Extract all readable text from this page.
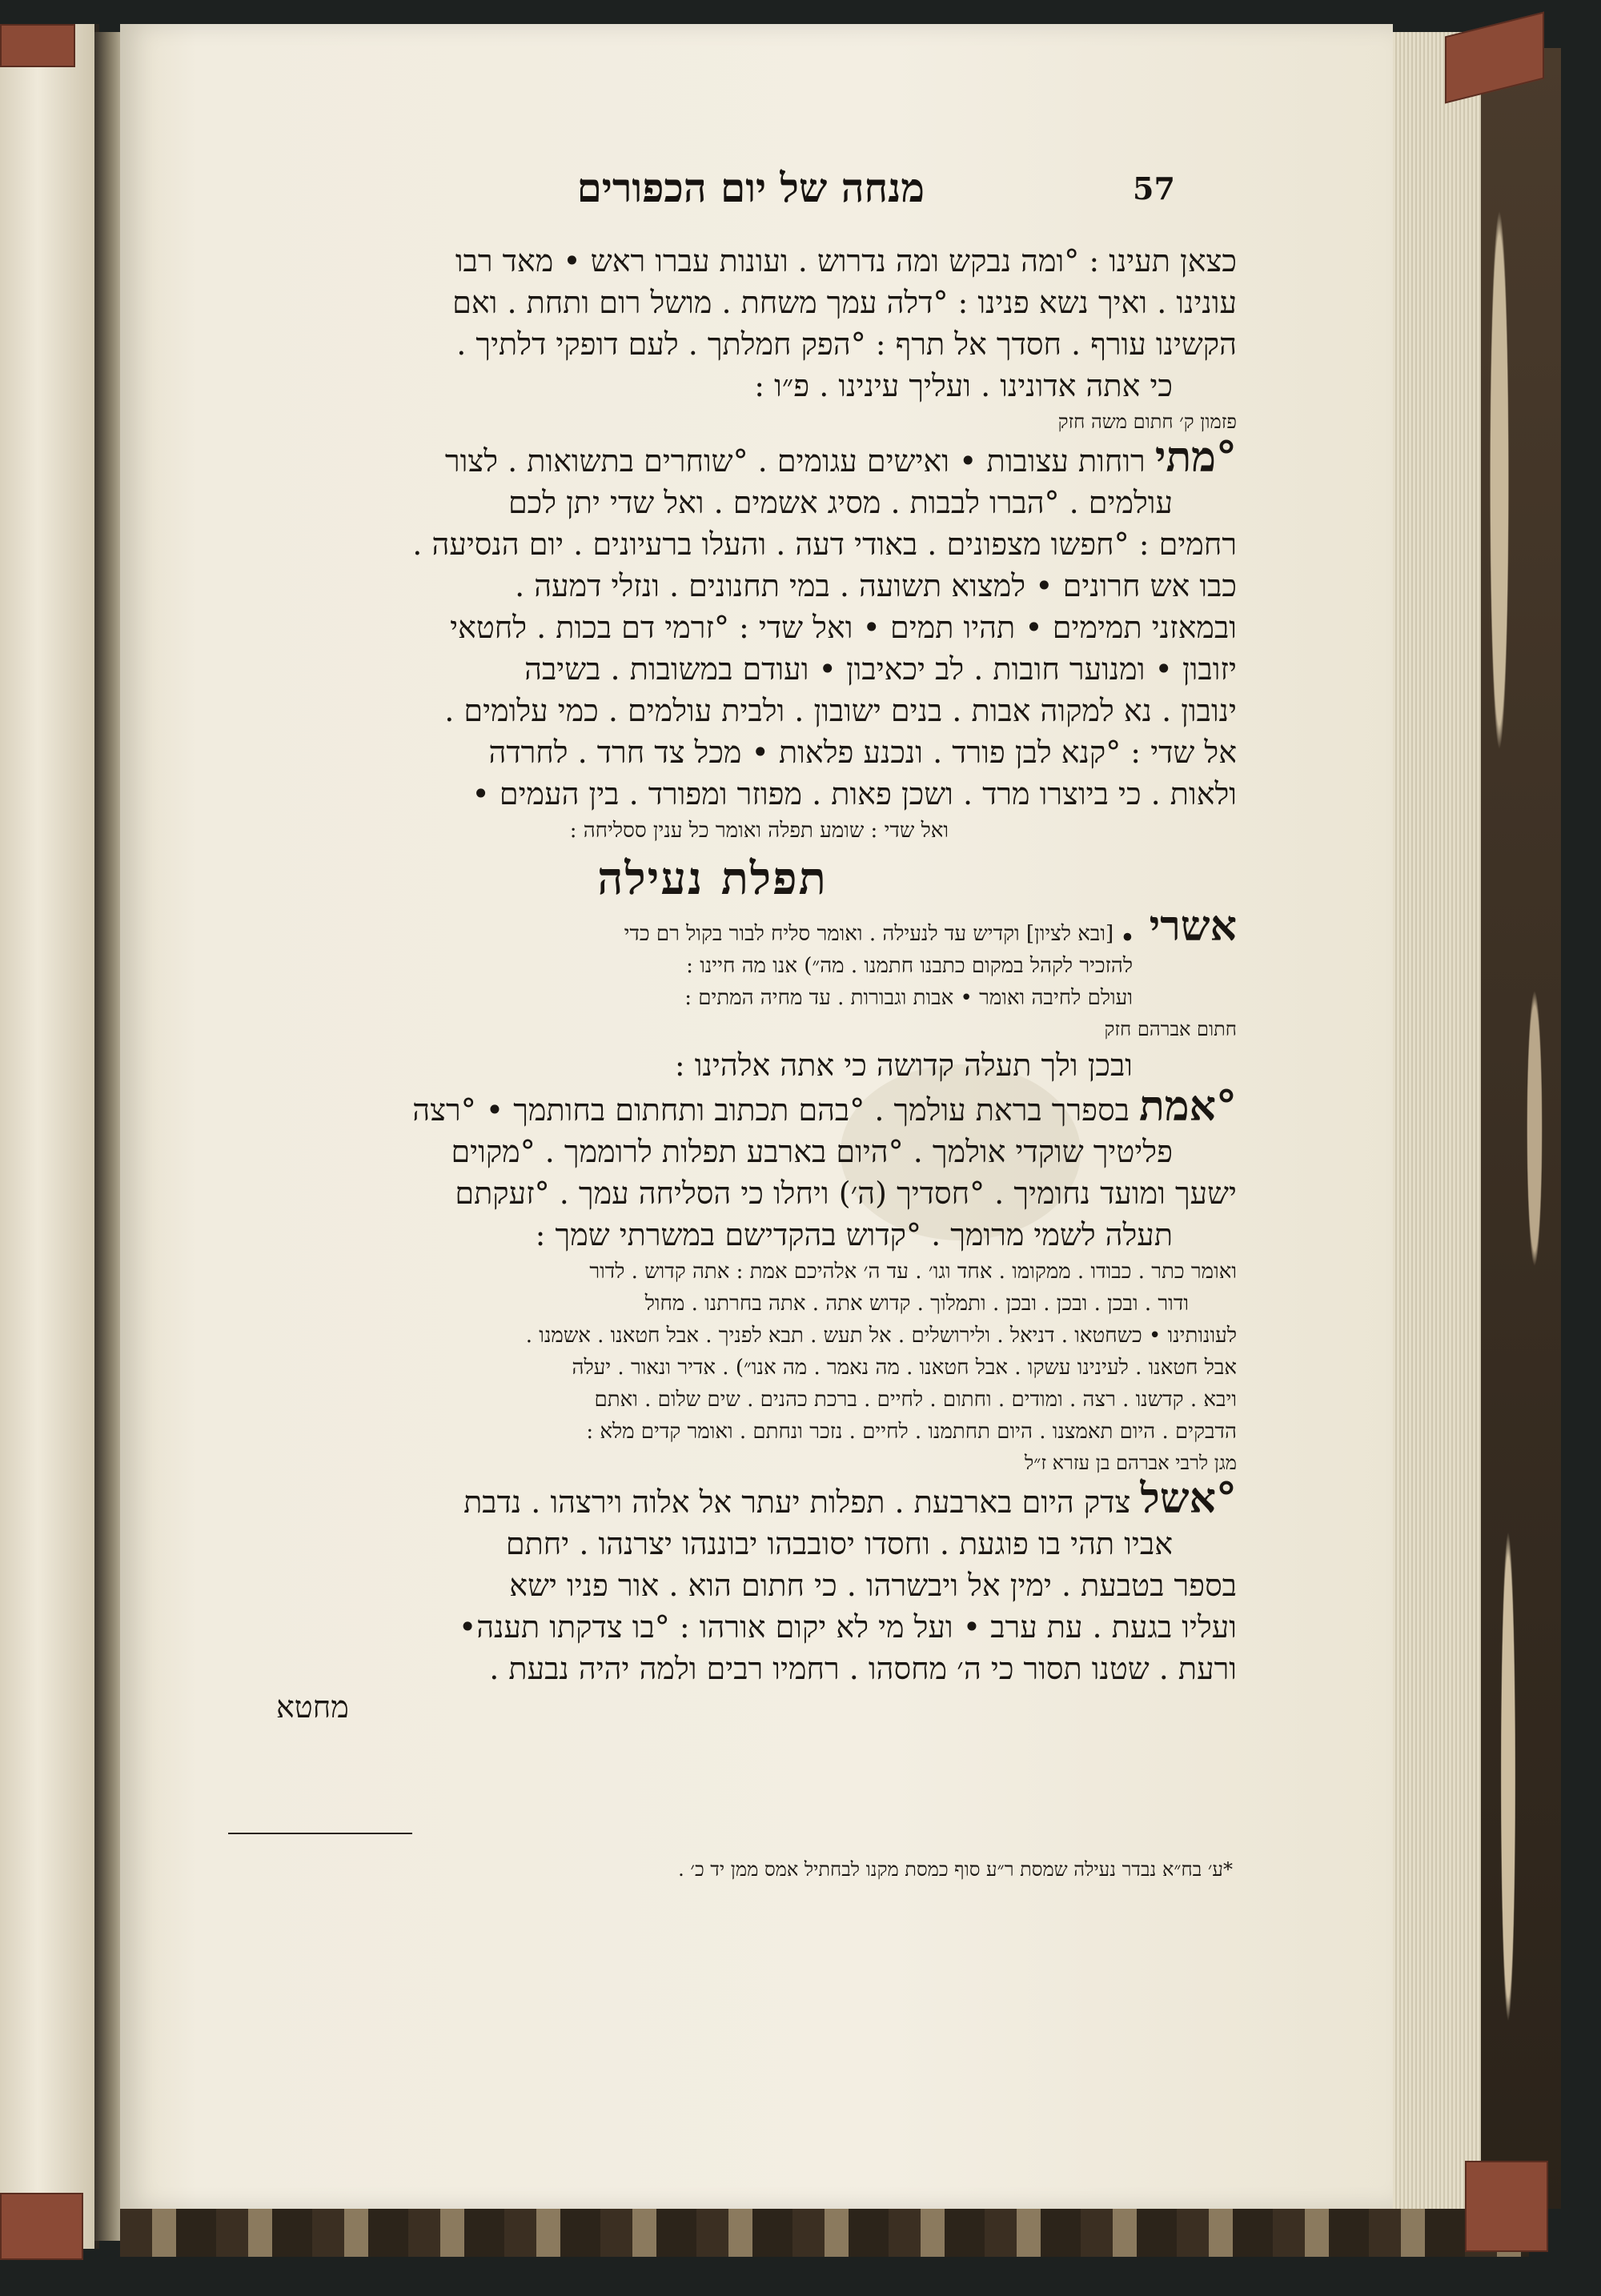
57
מנחה של יום הכפורים
כצאן תעינו : °ומה נבקש ומה נדרוש . ועונות עברו ראש • מאד רבו
עונינו . ואיך נשא פנינו : °דלה עמך משחת . מושל רום ותחת . ואם
הקשינו עורף . חסדך אל תרף : °הפק חמלתך . לעם דופקי דלתיך .
כי אתה אדונינו . ועליך עינינו . פ״ו :
פזמון ק׳ חתום משה חזק
°מתי רוחות עצובות • ואישים עגומים . °שוחרים בתשואות . לצור
עולמים . °הברו לבבות . מסיג אשמים . ואל שדי יתן לכם
רחמים : °חפשו מצפונים . באודי דעה . והעלו ברעיונים . יום הנסיעה .
כבו אש חרונים • למצוא תשועה . במי תחנונים . ונזלי דמעה .
ובמאזני תמימים • תהיו תמים • ואל שדי : °זרמי דם בכות . לחטאי
יזובון • ומנוער חובות . לב יכאיבון • ועודם במשובות . בשיבה
ינובון . נא למקוה אבות . בנים ישובון . ולבית עולמים . כמי עלומים .
אל שדי : °קנא לבן פורד . ונכנע פלאות • מכל צד חרד . לחרדה
ולאות . כי ביוצרו מרד . ושכן פאות . מפוזר ומפורד . בין העמים •
ואל שדי : שומע תפלה ואומר כל ענין ססליחה :
תפלת נעילה
אשרי . [ובא לציון] וקדיש עד לנעילה . ואומר סליח לבור בקול רם כדי
להזכיר לקהל במקום כתבנו חתמנו . מה״) אנו מה חיינו :
ועולם לחיבה ואומר • אבות וגבורות . עד מחיה המתים :
חתום אברהם חזק
ובכן ולך תעלה קדושה כי אתה אלהינו :
°אמת בספרך בראת עולמך . °בהם תכתוב ותחתום בחותמך • °רצה
פליטיך שוקדי אולמך . °היום בארבע תפלות לרוממך . °מקוים
ישעך ומועד נחומיך . °חסדיך (ה׳) ויחלו כי הסליחה עמך . °זעקתם
תעלה לשמי מרומך . °קדוש בהקדישם במשרתי שמך :
ואומר כתר . כבודו . ממקומו . אחד וגו׳ . עד ה׳ אלהיכם אמת : אתה קדוש . לדור
ודור . ובכן . ובכן . ובכן . ותמלוך . קדוש אתה . אתה בחרתנו . מחול
לעונותינו • כשחטאו . דניאל . ולירושלים . אל תעש . תבא לפניך . אבל חטאנו . אשמנו .
אבל חטאנו . לעינינו עשקו . אבל חטאנו . מה נאמר . מה אנו״) . אדיר ונאור . יעלה
ויבא . קדשנו . רצה . ומודים . וחתום . לחיים . ברכת כהנים . שים שלום . ואתם
הדבקים . היום תאמצנו . היום תחתמנו . לחיים . נזכר ונחתם . ואומר קדים מלא :
מגן לרבי אברהם בן עזרא ז״ל
°אשל צדק היום בארבעת . תפלות יעתר אל אלוה וירצהו . נדבת
אביו תהי בו פוגעת . וחסדו יסובבהו יבוננהו יצרנהו . יחתם
בספר בטבעת . ימין אל ויבשרהו . כי חתום הוא . אור פניו ישא
ועליו בגעת . עת ערב • ועל מי לא יקום אורהו : °בו צדקתו תענה•
ורעת . שטנו תסור כי ה׳ מחסהו . רחמיו רבים ולמה יהיה נבעת .
מחטא
*ע׳ בח״א נבדר נעילה שמסת ר״ע סוף כמסת מקנו לבחתיל אמס ממן יד כ׳ .
